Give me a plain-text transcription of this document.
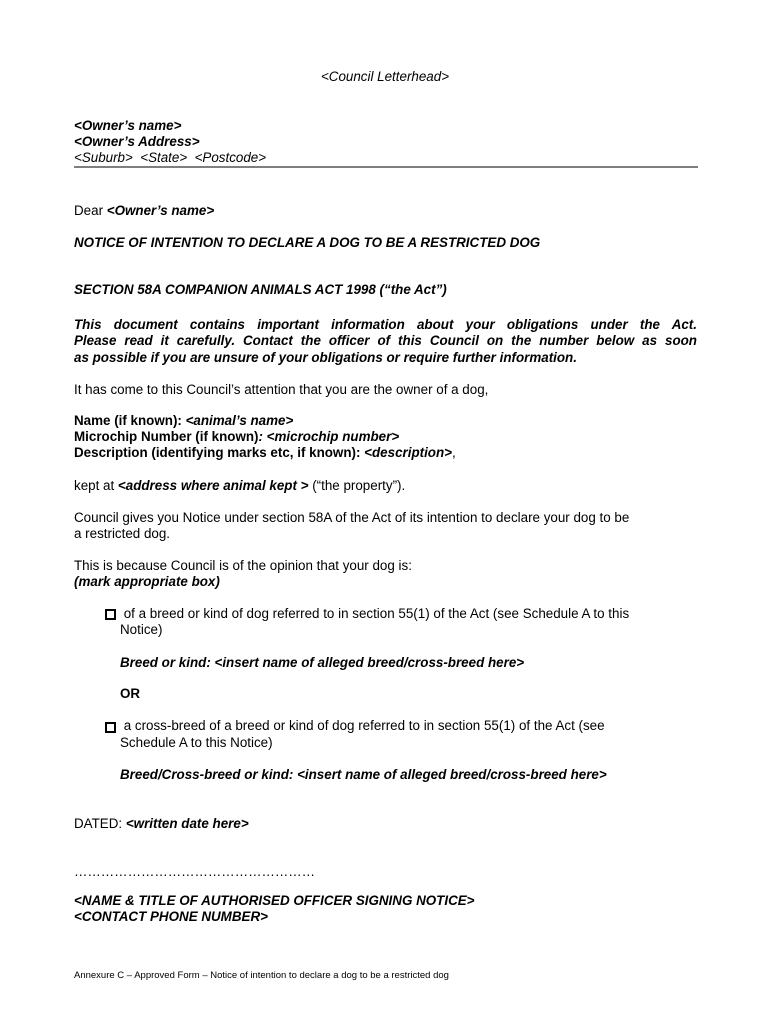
<Council Letterhead>
<Owner’s name>
<Owner’s Address>
<Suburb>  <State>  <Postcode>
Dear <Owner’s name>
NOTICE OF INTENTION TO DECLARE A DOG TO BE A RESTRICTED DOG
SECTION 58A COMPANION ANIMALS ACT 1998 (“the Act”)
This document contains important information about your obligations under the Act.
Please read it carefully. Contact the officer of this Council on the number below as soon
as possible if you are unsure of your obligations or require further information.
It has come to this Council’s attention that you are the owner of a dog,
Name (if known): <animal’s name>
Microchip Number (if known): <microchip number>
Description (identifying marks etc, if known): <description>,
kept at <address where animal kept > (“the property”).
Council gives you Notice under section 58A of the Act of its intention to declare your dog to be
a restricted dog.
This is because Council is of the opinion that your dog is:
(mark appropriate box)
of a breed or kind of dog referred to in section 55(1) of the Act (see Schedule A to this
Notice)
Breed or kind: <insert name of alleged breed/cross-breed here>
OR
a cross-breed of a breed or kind of dog referred to in section 55(1) of the Act (see
Schedule A to this Notice)
Breed/Cross-breed or kind: <insert name of alleged breed/cross-breed here>
DATED: <written date here>
………………………………………………
<NAME & TITLE OF AUTHORISED OFFICER SIGNING NOTICE>
<CONTACT PHONE NUMBER>
Annexure C – Approved Form – Notice of intention to declare a dog to be a restricted dog
